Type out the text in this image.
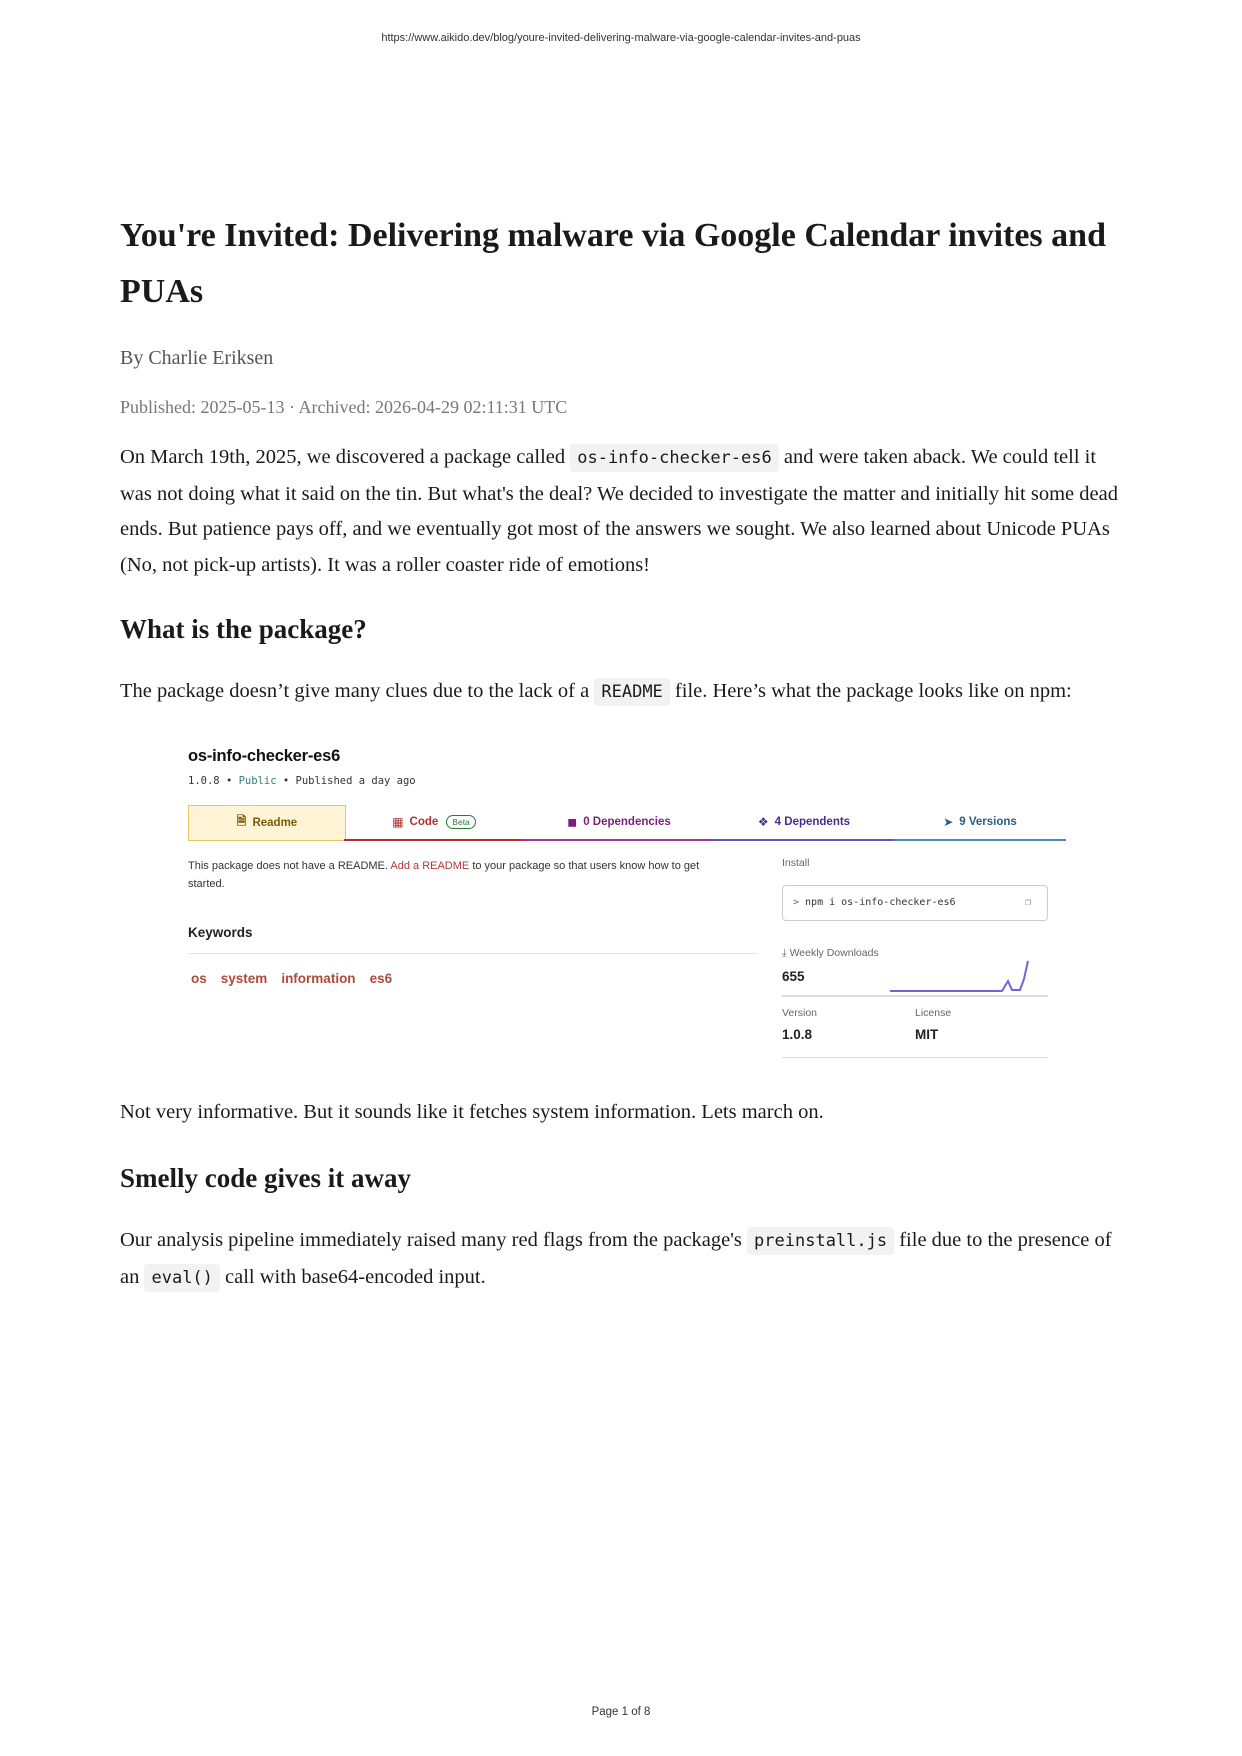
https://www.aikido.dev/blog/youre-invited-delivering-malware-via-google-calendar-invites-and-puas
You're Invited: Delivering malware via Google Calendar invites and PUAs
By Charlie Eriksen
Published: 2025-05-13 · Archived: 2026-04-29 02:11:31 UTC

On March 19th, 2025, we discovered a package called os-info-checker-es6 and were taken aback. We could tell it was not doing what it said on the tin. But what's the deal? We decided to investigate the matter and initially hit some dead ends. But patience pays off, and we eventually got most of the answers we sought. We also learned about Unicode PUAs (No, not pick-up artists). It was a roller coaster ride of emotions!

What is the package?

The package doesn’t give many clues due to the lack of a README file. Here’s what the package looks like on npm:

os-info-checker-es6
1.0.8 • Public • Published a day ago
🗎 Readme	▦ Code	Beta	◼ 0 Dependencies	❖ 4 Dependents	➤ 9 Versions
This package does not have a README. Add a README to your package so that users know how to get started.
Keywords
os system information es6
Install
> npm i os-info-checker-es6	❐
⤓ Weekly Downloads
655
Version	License
1.0.8	MIT

Not very informative. But it sounds like it fetches system information. Lets march on.

Smelly code gives it away

Our analysis pipeline immediately raised many red flags from the package's preinstall.js file due to the presence of an eval() call with base64-encoded input.

Page 1 of 8
